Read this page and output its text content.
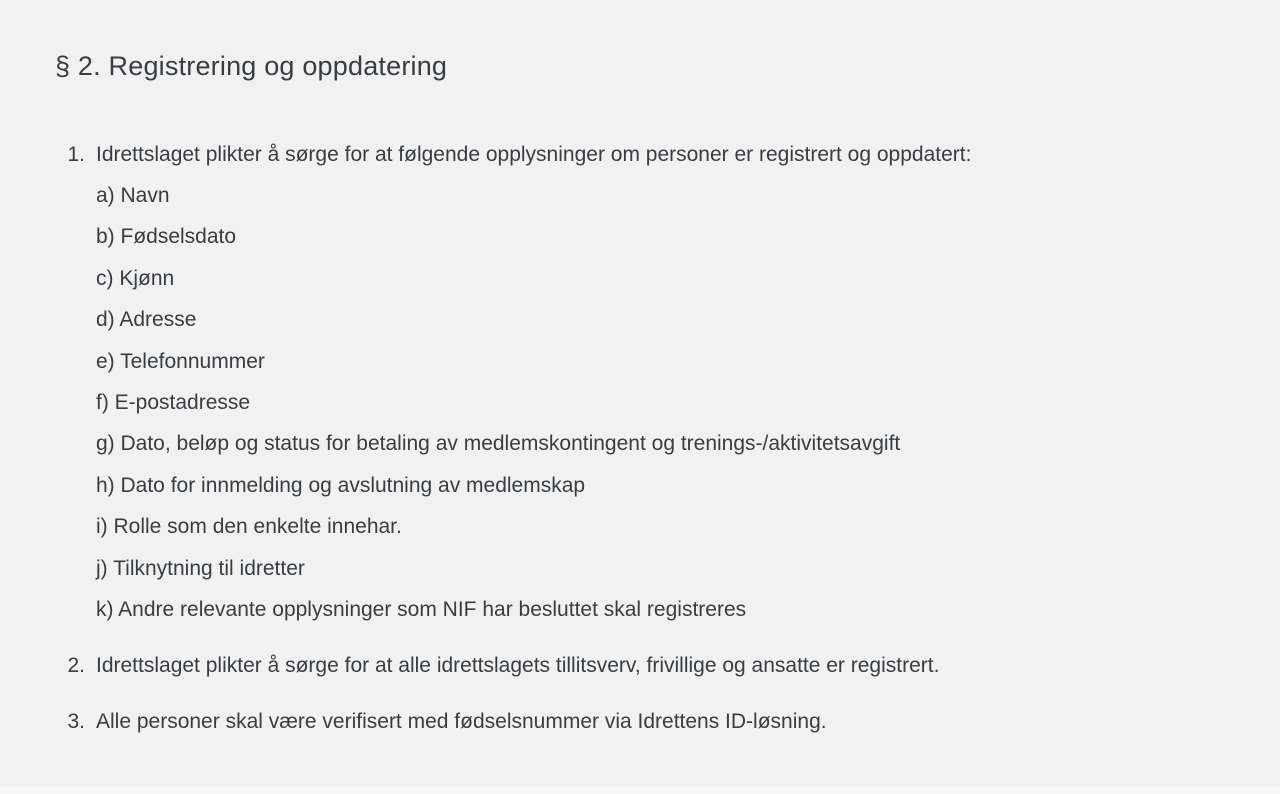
§ 2. Registrering og oppdatering
1. Idrettslaget plikter å sørge for at følgende opplysninger om personer er registrert og oppdatert:

a) Navn

b) Fødselsdato

c) Kjønn

d) Adresse

e) Telefonnummer

f) E-postadresse

g) Dato, beløp og status for betaling av medlemskontingent og trenings-/aktivitetsavgift

h) Dato for innmelding og avslutning av medlemskap

i) Rolle som den enkelte innehar.

j) Tilknytning til idretter

k) Andre relevante opplysninger som NIF har besluttet skal registreres

2. Idrettslaget plikter å sørge for at alle idrettslagets tillitsverv, frivillige og ansatte er registrert.

3. Alle personer skal være verifisert med fødselsnummer via Idrettens ID-løsning.
